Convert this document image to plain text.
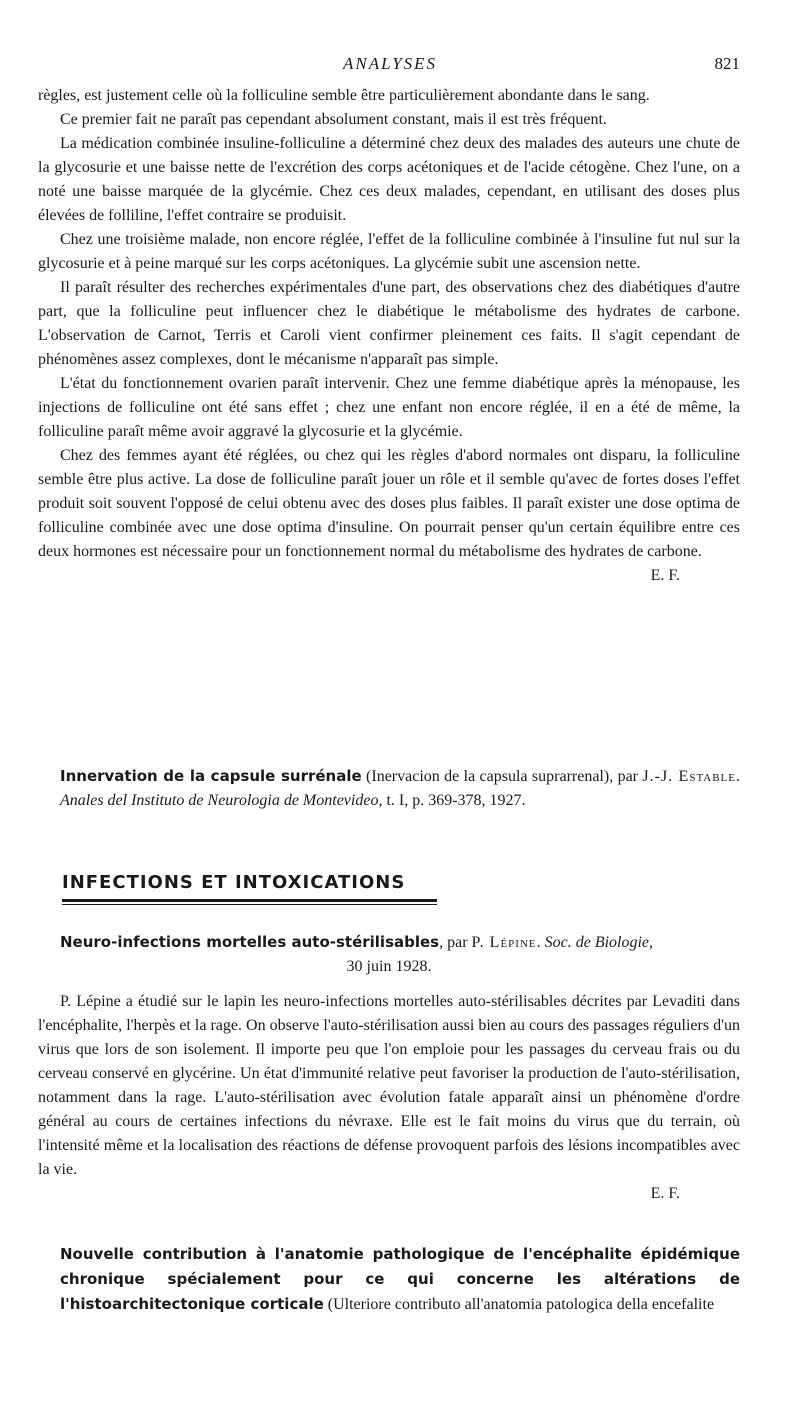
ANALYSES	821

règles, est justement celle où la folliculine semble être particulièrement abondante dans le sang.

Ce premier fait ne paraît pas cependant absolument constant, mais il est très fréquent.

La médication combinée insuline-folliculine a déterminé chez deux des malades des auteurs une chute de la glycosurie et une baisse nette de l'excrétion des corps acétoniques et de l'acide cétogène. Chez l'une, on a noté une baisse marquée de la glycémie. Chez ces deux malades, cependant, en utilisant des doses plus élevées de folliline, l'effet contraire se produisit.

Chez une troisième malade, non encore réglée, l'effet de la folliculine combinée à l'insuline fut nul sur la glycosurie et à peine marqué sur les corps acétoniques. La glycémie subit une ascension nette.

Il paraît résulter des recherches expérimentales d'une part, des observations chez des diabétiques d'autre part, que la folliculine peut influencer chez le diabétique le métabolisme des hydrates de carbone. L'observation de Carnot, Terris et Caroli vient confirmer pleinement ces faits. Il s'agit cependant de phénomènes assez complexes, dont le mécanisme n'apparaît pas simple.

L'état du fonctionnement ovarien paraît intervenir. Chez une femme diabétique après la ménopause, les injections de folliculine ont été sans effet ; chez une enfant non encore réglée, il en a été de même, la folliculine paraît même avoir aggravé la glycosurie et la glycémie.

Chez des femmes ayant été réglées, ou chez qui les règles d'abord normales ont disparu, la folliculine semble être plus active. La dose de folliculine paraît jouer un rôle et il semble qu'avec de fortes doses l'effet produit soit souvent l'opposé de celui obtenu avec des doses plus faibles. Il paraît exister une dose optima de folliculine combinée avec une dose optima d'insuline. On pourrait penser qu'un certain équilibre entre ces deux hormones est nécessaire pour un fonctionnement normal du métabolisme des hydrates de carbone.

E. F.

Innervation de la capsule surrénale (Inervacion de la capsula suprarrenal), par J.-J. Estable. Anales del Instituto de Neurologia de Montevideo, t. I, p. 369-378, 1927.
INFECTIONS ET INTOXICATIONS
Neuro-infections mortelles auto-stérilisables, par P. Lépine. Soc. de Biologie,
30 juin 1928.

P. Lépine a étudié sur le lapin les neuro-infections mortelles auto-stérilisables décrites par Levaditi dans l'encéphalite, l'herpès et la rage. On observe l'auto-stérilisation aussi bien au cours des passages réguliers d'un virus que lors de son isolement. Il importe peu que l'on emploie pour les passages du cerveau frais ou du cerveau conservé en glycérine. Un état d'immunité relative peut favoriser la production de l'auto-stérilisation, notamment dans la rage. L'auto-stérilisation avec évolution fatale apparaît ainsi un phénomène d'ordre général au cours de certaines infections du névraxe. Elle est le fait moins du virus que du terrain, où l'intensité même et la localisation des réactions de défense provoquent parfois des lésions incompatibles avec la vie.

E. F.

Nouvelle contribution à l'anatomie pathologique de l'encéphalite épidémique chronique spécialement pour ce qui concerne les altérations de l'histoarchitectonique corticale (Ulteriore contributo all'anatomia patologica della encefalite
